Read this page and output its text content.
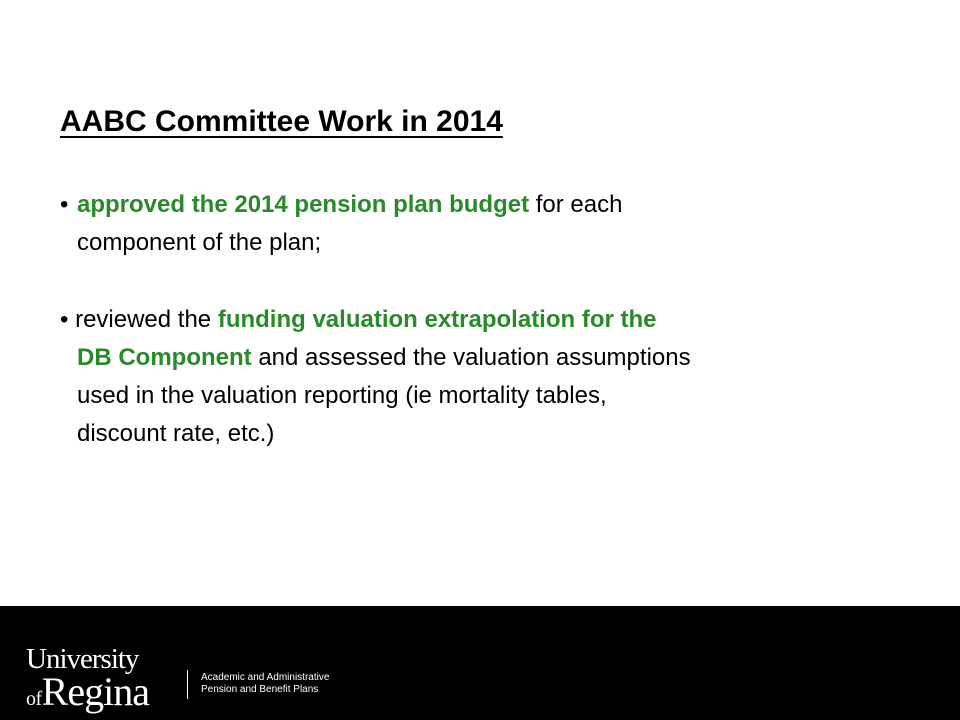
AABC Committee Work in 2014
• approved the 2014 pension plan budget for each
component of the plan;
• reviewed the funding valuation extrapolation for the
DB Component and assessed the valuation assumptions
used in the valuation reporting (ie mortality tables,
discount rate, etc.)
University
ofRegina	Academic and Administrative
Pension and Benefit Plans
